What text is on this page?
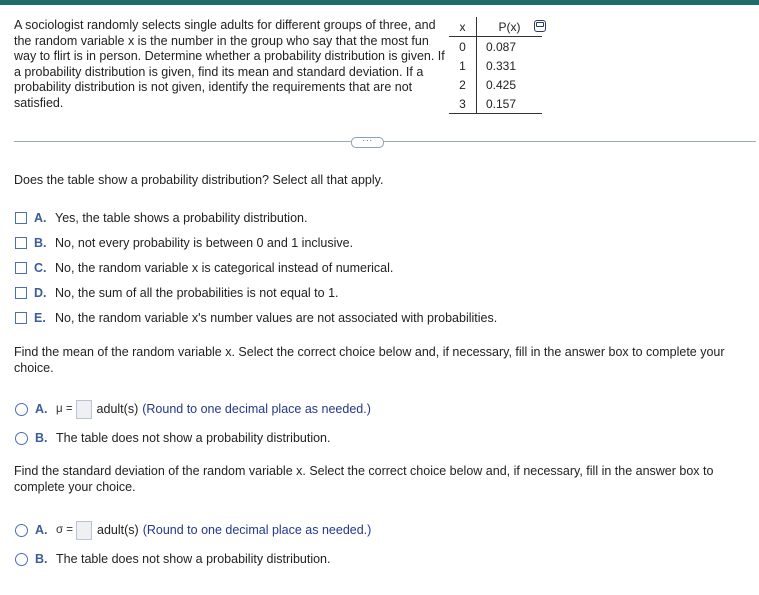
A sociologist randomly selects single adults for different groups of three, and the random variable x is the number in the group who say that the most fun way to flirt is in person. Determine whether a probability distribution is given. If a probability distribution is given, find its mean and standard deviation. If a probability distribution is not given, identify the requirements that are not satisfied.
x	P(x)
0	0.087
1	0.331
2	0.425
3	0.157
···
Does the table show a probability distribution? Select all that apply.
A. Yes, the table shows a probability distribution.
B. No, not every probability is between 0 and 1 inclusive.
C. No, the random variable x is categorical instead of numerical.
D. No, the sum of all the probabilities is not equal to 1.
E. No, the random variable x's number values are not associated with probabilities.
Find the mean of the random variable x. Select the correct choice below and, if necessary, fill in the answer box to complete your choice.
A. μ = adult(s) (Round to one decimal place as needed.)
B. The table does not show a probability distribution.
Find the standard deviation of the random variable x. Select the correct choice below and, if necessary, fill in the answer box to complete your choice.
A. σ = adult(s) (Round to one decimal place as needed.)
B. The table does not show a probability distribution.
